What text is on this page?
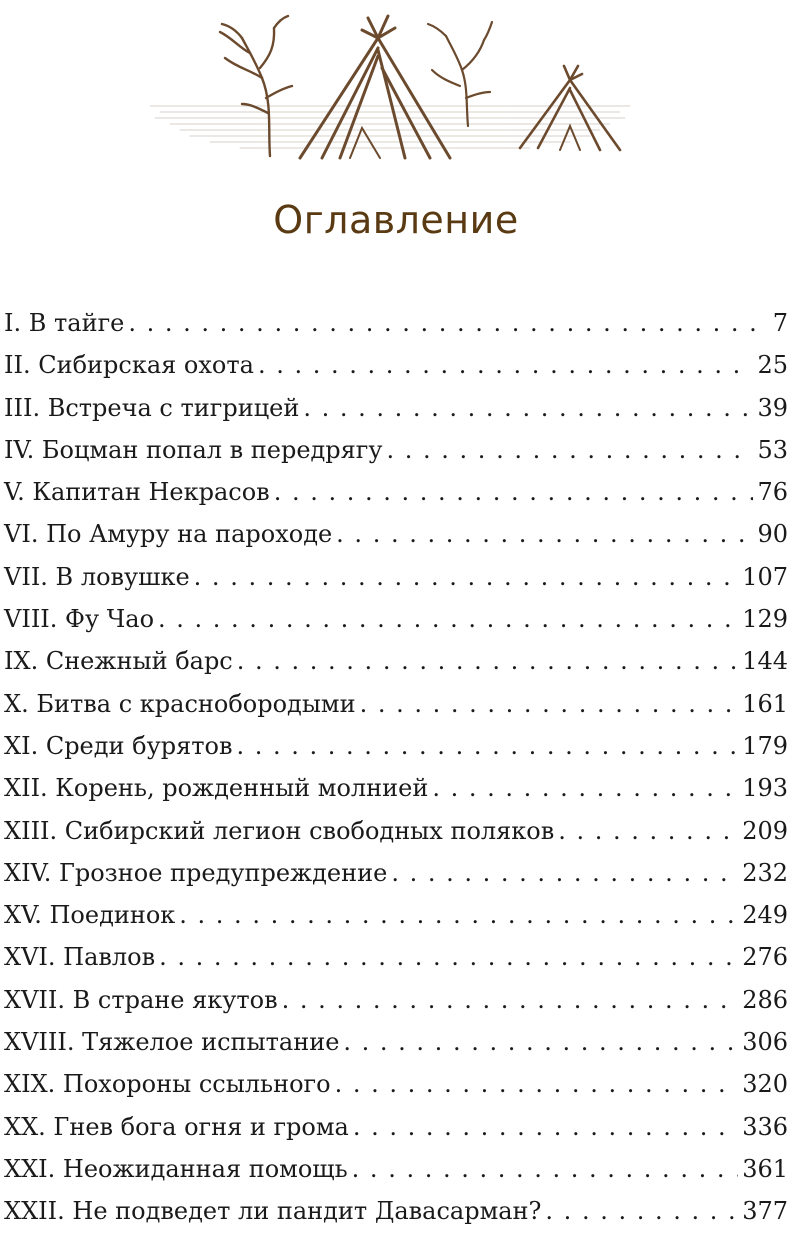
Оглавление
I. В тайге . . .	7
II. Сибирская охота . . .	25
III. Встреча с тигрицей . . .	39
IV. Боцман попал в передрягу . . .	53
V. Капитан Некрасов . . .	76
VI. По Амуру на пароходе . . .	90
VII. В ловушке . . .	107
VIII. Фу Чао . . .	129
IX. Снежный барс . . .	144
X. Битва с краснобородыми . . .	161
XI. Среди бурятов . . .	179
XII. Корень, рожденный молнией . . .	193
XIII. Сибирский легион свободных поляков . . .	209
XIV. Грозное предупреждение . . .	232
XV. Поединок . . .	249
XVI. Павлов . . .	276
XVII. В стране якутов . . .	286
XVIII. Тяжелое испытание . . .	306
XIX. Похороны ссыльного . . .	320
XX. Гнев бога огня и грома . . .	336
XXI. Неожиданная помощь . . .	361
XXII. Не подведет ли пандит Давасарман? . . .	377
